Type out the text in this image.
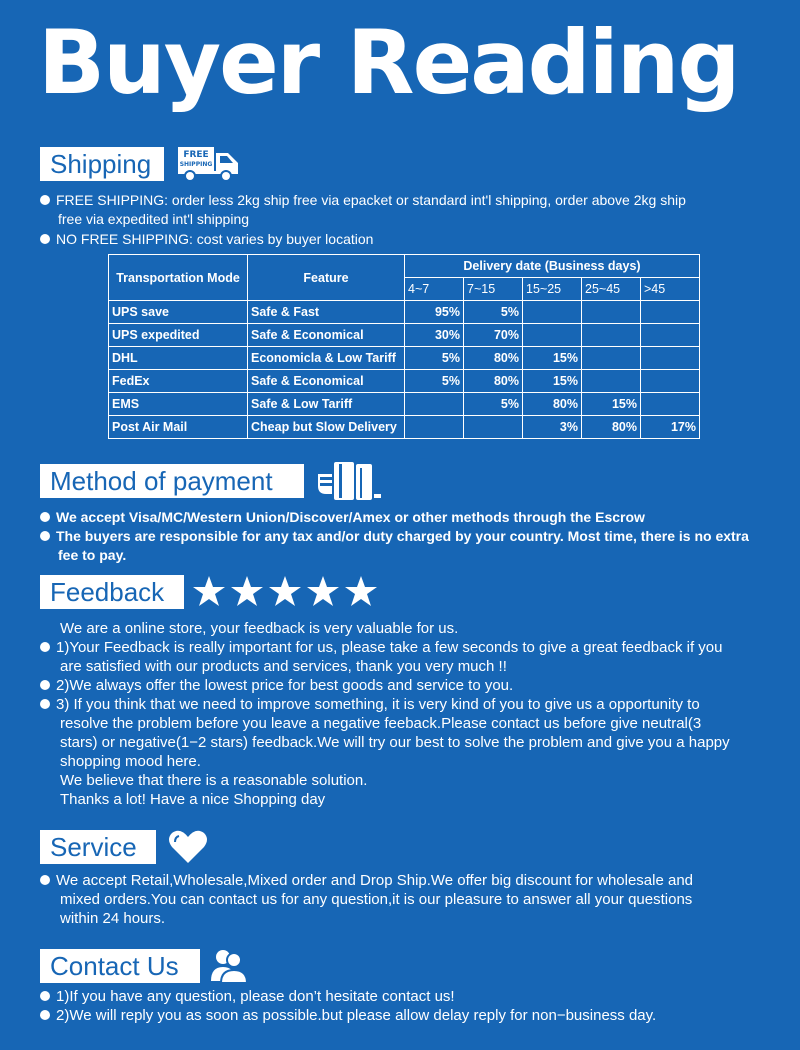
Buyer Reading
Shipping	FREE
SHIPPING
FREE SHIPPING: order less 2kg ship free via epacket or standard int'l shipping, order above 2kg ship
free via expedited int'l shipping
NO FREE SHIPPING: cost varies by buyer location
Transportation Mode	Feature	Delivery date (Business days)				
		4~7	7~15	15~25	25~45	>45
UPS save	Safe & Fast	95%	5%			
UPS expedited	Safe & Economical	30%	70%			
DHL	Economicla & Low Tariff	5%	80%	15%		
FedEx	Safe & Economical	5%	80%	15%		
EMS	Safe & Low Tariff		5%	80%	15%	
Post Air Mail	Cheap but Slow Delivery			3%	80%	17%
Method of payment
We accept Visa/MC/Western Union/Discover/Amex or other methods through the Escrow
The buyers are responsible for any tax and/or duty charged by your country. Most time, there is no extra
fee to pay.
Feedback
We are a online store, your feedback is very valuable for us.
1)Your Feedback is really important for us, please take a few seconds to give a great feedback if you
are satisfied with our products and services, thank you very much !!
2)We always offer the lowest price for best goods and service to you.
3) If you think that we need to improve something, it is very kind of you to give us a opportunity to
resolve the problem before you leave a negative feeback.Please contact us before give neutral(3
stars) or negative(1−2 stars) feedback.We will try our best to solve the problem and give you a happy
shopping mood here.
We believe that there is a reasonable solution.
Thanks a lot! Have a nice Shopping day
Service
We accept Retail,Wholesale,Mixed order and Drop Ship.We offer big discount for wholesale and
mixed orders.You can contact us for any question,it is our pleasure to answer all your questions
within 24 hours.
Contact Us
1)If you have any question, please don’t hesitate contact us!
2)We will reply you as soon as possible.but please allow delay reply for non−business day.
